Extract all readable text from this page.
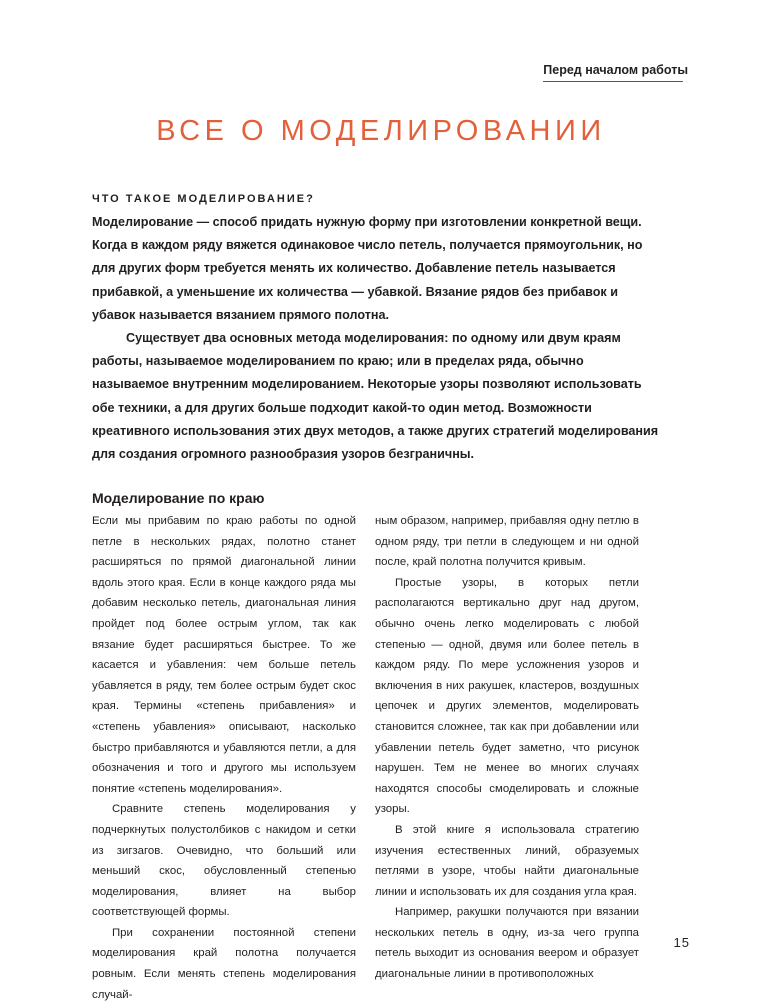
Перед началом работы
ВСЕ О МОДЕЛИРОВАНИИ
ЧТО ТАКОЕ МОДЕЛИРОВАНИЕ?

Моделирование — способ придать нужную форму при изготовлении конкретной вещи. Когда в каждом ряду вяжется одинаковое число петель, получается прямоугольник, но для других форм требуется менять их количество. Добавление петель называется прибавкой, а уменьшение их количества — убавкой. Вязание рядов без прибавок и убавок называется вязанием прямого полотна.

Существует два основных метода моделирования: по одному или двум краям работы, называемое моделированием по краю; или в пределах ряда, обычно называемое внутренним моделированием. Некоторые узоры позволяют использовать обе техники, а для других больше подходит какой-то один метод. Возможности креативного использования этих двух методов, а также других стратегий моделирования для создания огромного разнообразия узоров безграничны.

Моделирование по краю

Если мы прибавим по краю работы по одной петле в нескольких рядах, полотно станет расширяться по прямой диагональной линии вдоль этого края. Если в конце каждого ряда мы добавим несколько петель, диагональная линия пройдет под более острым углом, так как вязание будет расширяться быстрее. То же касается и убавления: чем больше петель убавляется в ряду, тем более острым будет скос края. Термины «степень прибавления» и «степень убавления» описывают, насколько быстро прибавляются и убавляются петли, а для обозначения и того и другого мы используем понятие «степень моделирования».

Сравните степень моделирования у подчеркнутых полустолбиков с накидом и сетки из зигзагов. Очевидно, что больший или меньший скос, обусловленный степенью моделирования, влияет на выбор соответствующей формы.

При сохранении постоянной степени моделирования край полотна получается ровным. Если менять степень моделирования случай-

ным образом, например, прибавляя одну петлю в одном ряду, три петли в следующем и ни одной после, край полотна получится кривым.

Простые узоры, в которых петли располагаются вертикально друг над другом, обычно очень легко моделировать с любой степенью — одной, двумя или более петель в каждом ряду. По мере усложнения узоров и включения в них ракушек, кластеров, воздушных цепочек и других элементов, моделировать становится сложнее, так как при добавлении или убавлении петель будет заметно, что рисунок нарушен. Тем не менее во многих случаях находятся способы смоделировать и сложные узоры.

В этой книге я использовала стратегию изучения естественных линий, образуемых петлями в узоре, чтобы найти диагональные линии и использовать их для создания угла края.

Например, ракушки получаются при вязании нескольких петель в одну, из-за чего группа петель выходит из основания веером и образует диагональные линии в противоположных

15
